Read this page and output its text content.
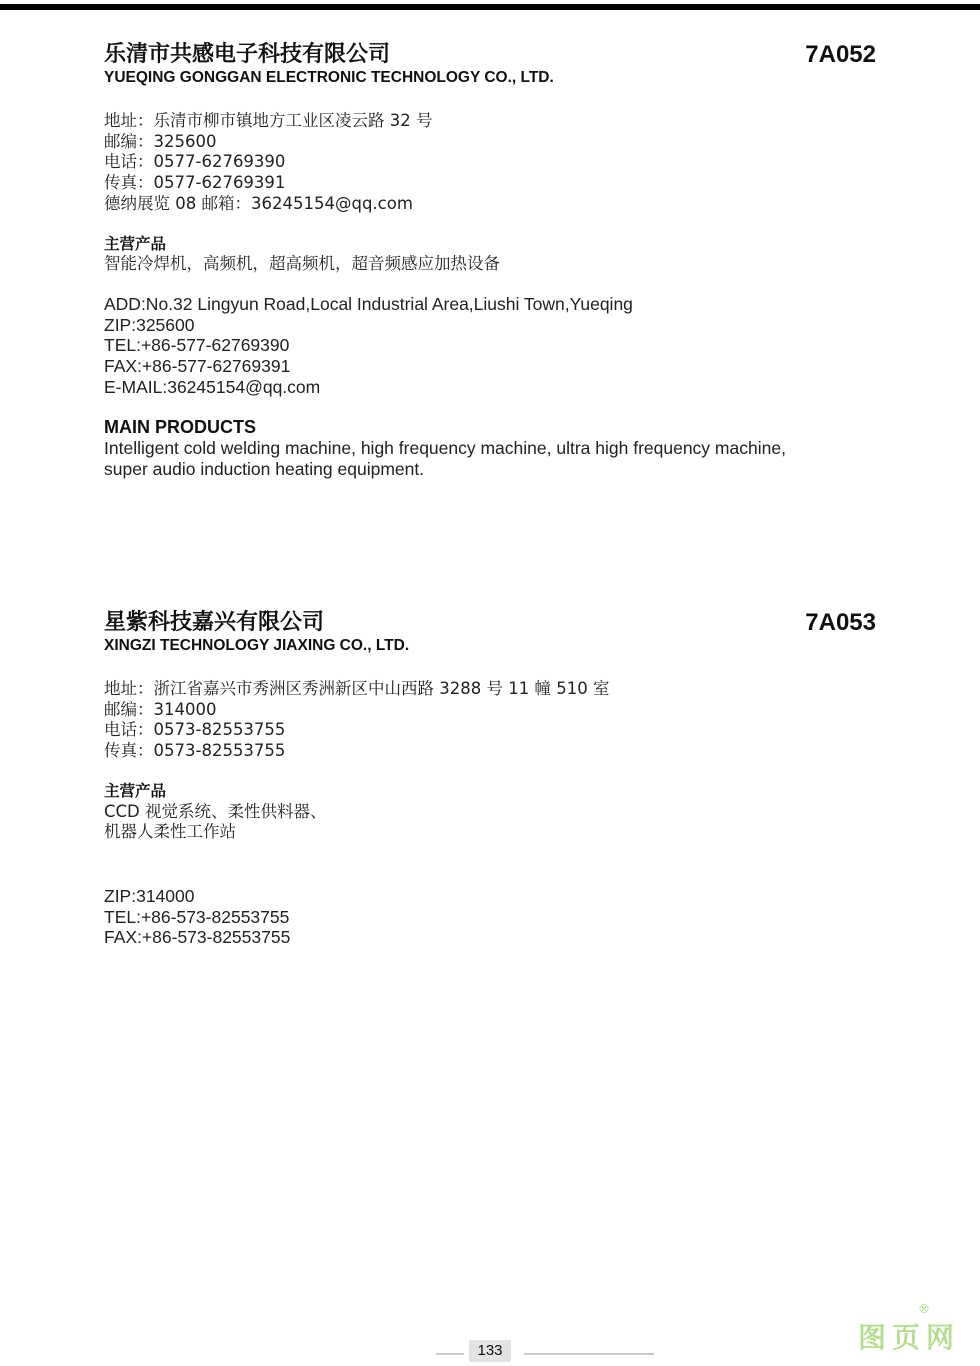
乐清市共感电子科技有限公司	7A052
YUEQING GONGGAN ELECTRONIC TECHNOLOGY CO., LTD.
地址：乐清市柳市镇地方工业区凌云路 32 号
邮编：325600
电话：0577-62769390
传真：0577-62769391
德纳展览 08 邮箱：36245154@qq.com
主营产品
智能冷焊机，高频机，超高频机，超音频感应加热设备
ADD:No.32 Lingyun Road,Local Industrial Area,Liushi Town,Yueqing
ZIP:325600
TEL:+86-577-62769390
FAX:+86-577-62769391
E-MAIL:36245154@qq.com
MAIN PRODUCTS
Intelligent cold welding machine, high frequency machine, ultra high frequency machine,
super audio induction heating equipment.
星紫科技嘉兴有限公司	7A053
XINGZI TECHNOLOGY JIAXING CO., LTD.
地址：浙江省嘉兴市秀洲区秀洲新区中山西路 3288 号 11 幢 510 室
邮编：314000
电话：0573-82553755
传真：0573-82553755
主营产品
CCD 视觉系统、柔性供料器、
机器人柔性工作站
ZIP:314000
TEL:+86-573-82553755
FAX:+86-573-82553755
133	图页网
®
